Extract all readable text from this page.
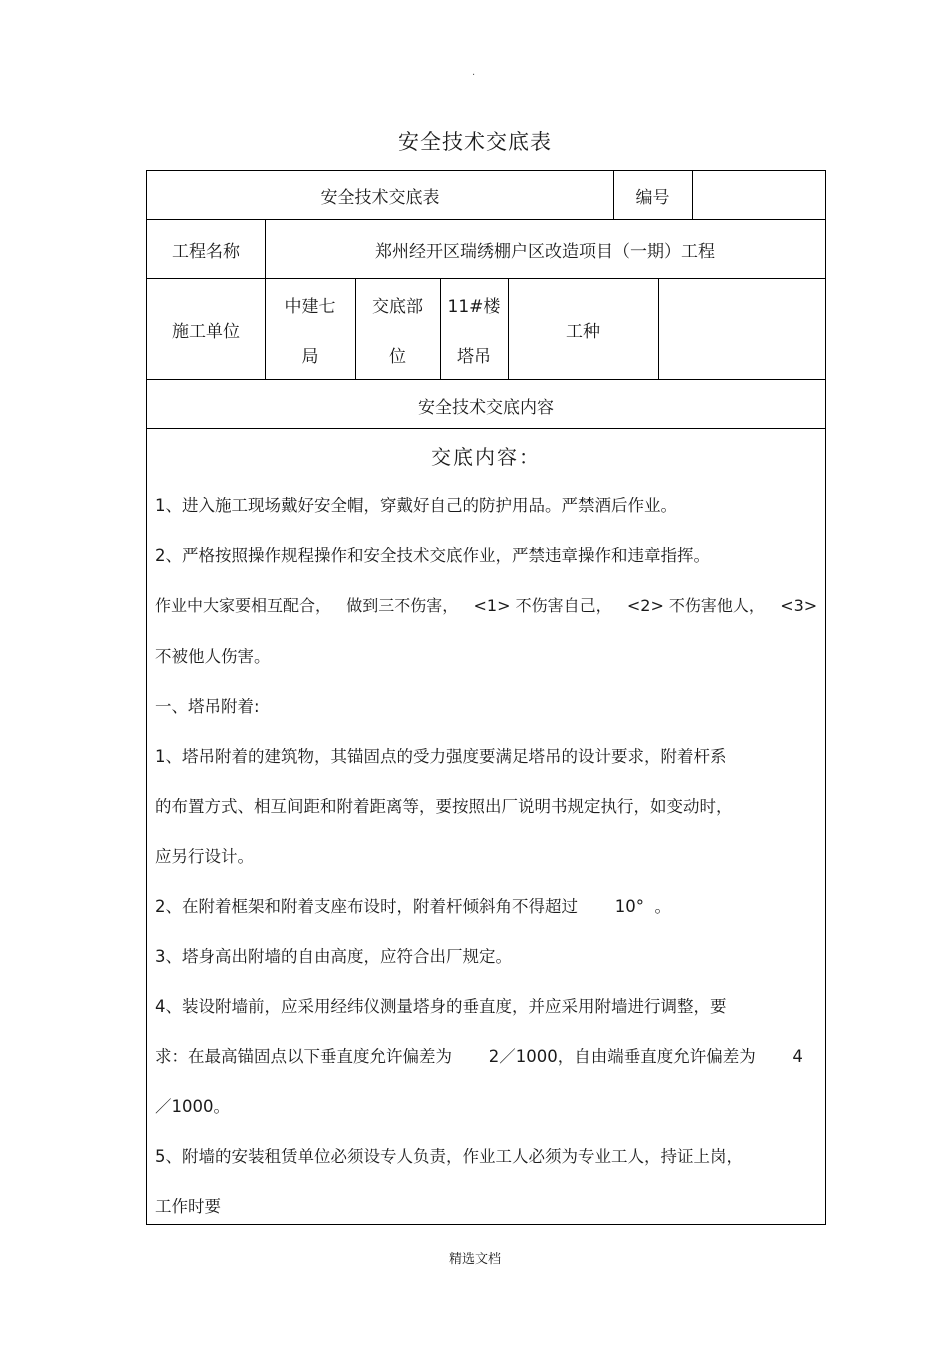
·
安全技术交底表
安全技术交底表	编号
工程名称	郑州经开区瑞绣棚户区改造项目（一期）工程
施工单位
中建七
局
交底部
位
11#楼
塔吊
工种
安全技术交底内容
交底内容：
1、进入施工现场戴好安全帽，穿戴好自己的防护用品。严禁酒后作业。
2、严格按照操作规程操作和安全技术交底作业，严禁违章操作和违章指挥。
作业中大家要相互配合，   做到三不伤害，   <1> 不伤害自己，   <2> 不伤害他人，   <3>
不被他人伤害。
一、塔吊附着:
1、塔吊附着的建筑物，其锚固点的受力强度要满足塔吊的设计要求，附着杆系
的布置方式、相互间距和附着距离等，要按照出厂说明书规定执行，如变动时，
应另行设计。
2、在附着框架和附着支座布设时，附着杆倾斜角不得超过       10°  。
3、塔身高出附墙的自由高度，应符合出厂规定。
4、装设附墙前，应采用经纬仪测量塔身的垂直度，并应采用附墙进行调整，要
求：在最高锚固点以下垂直度允许偏差为       2／1000，自由端垂直度允许偏差为       4
／1000。
5、附墙的安装租赁单位必须设专人负责，作业工人必须为专业工人，持证上岗，
工作时要
精选文档
